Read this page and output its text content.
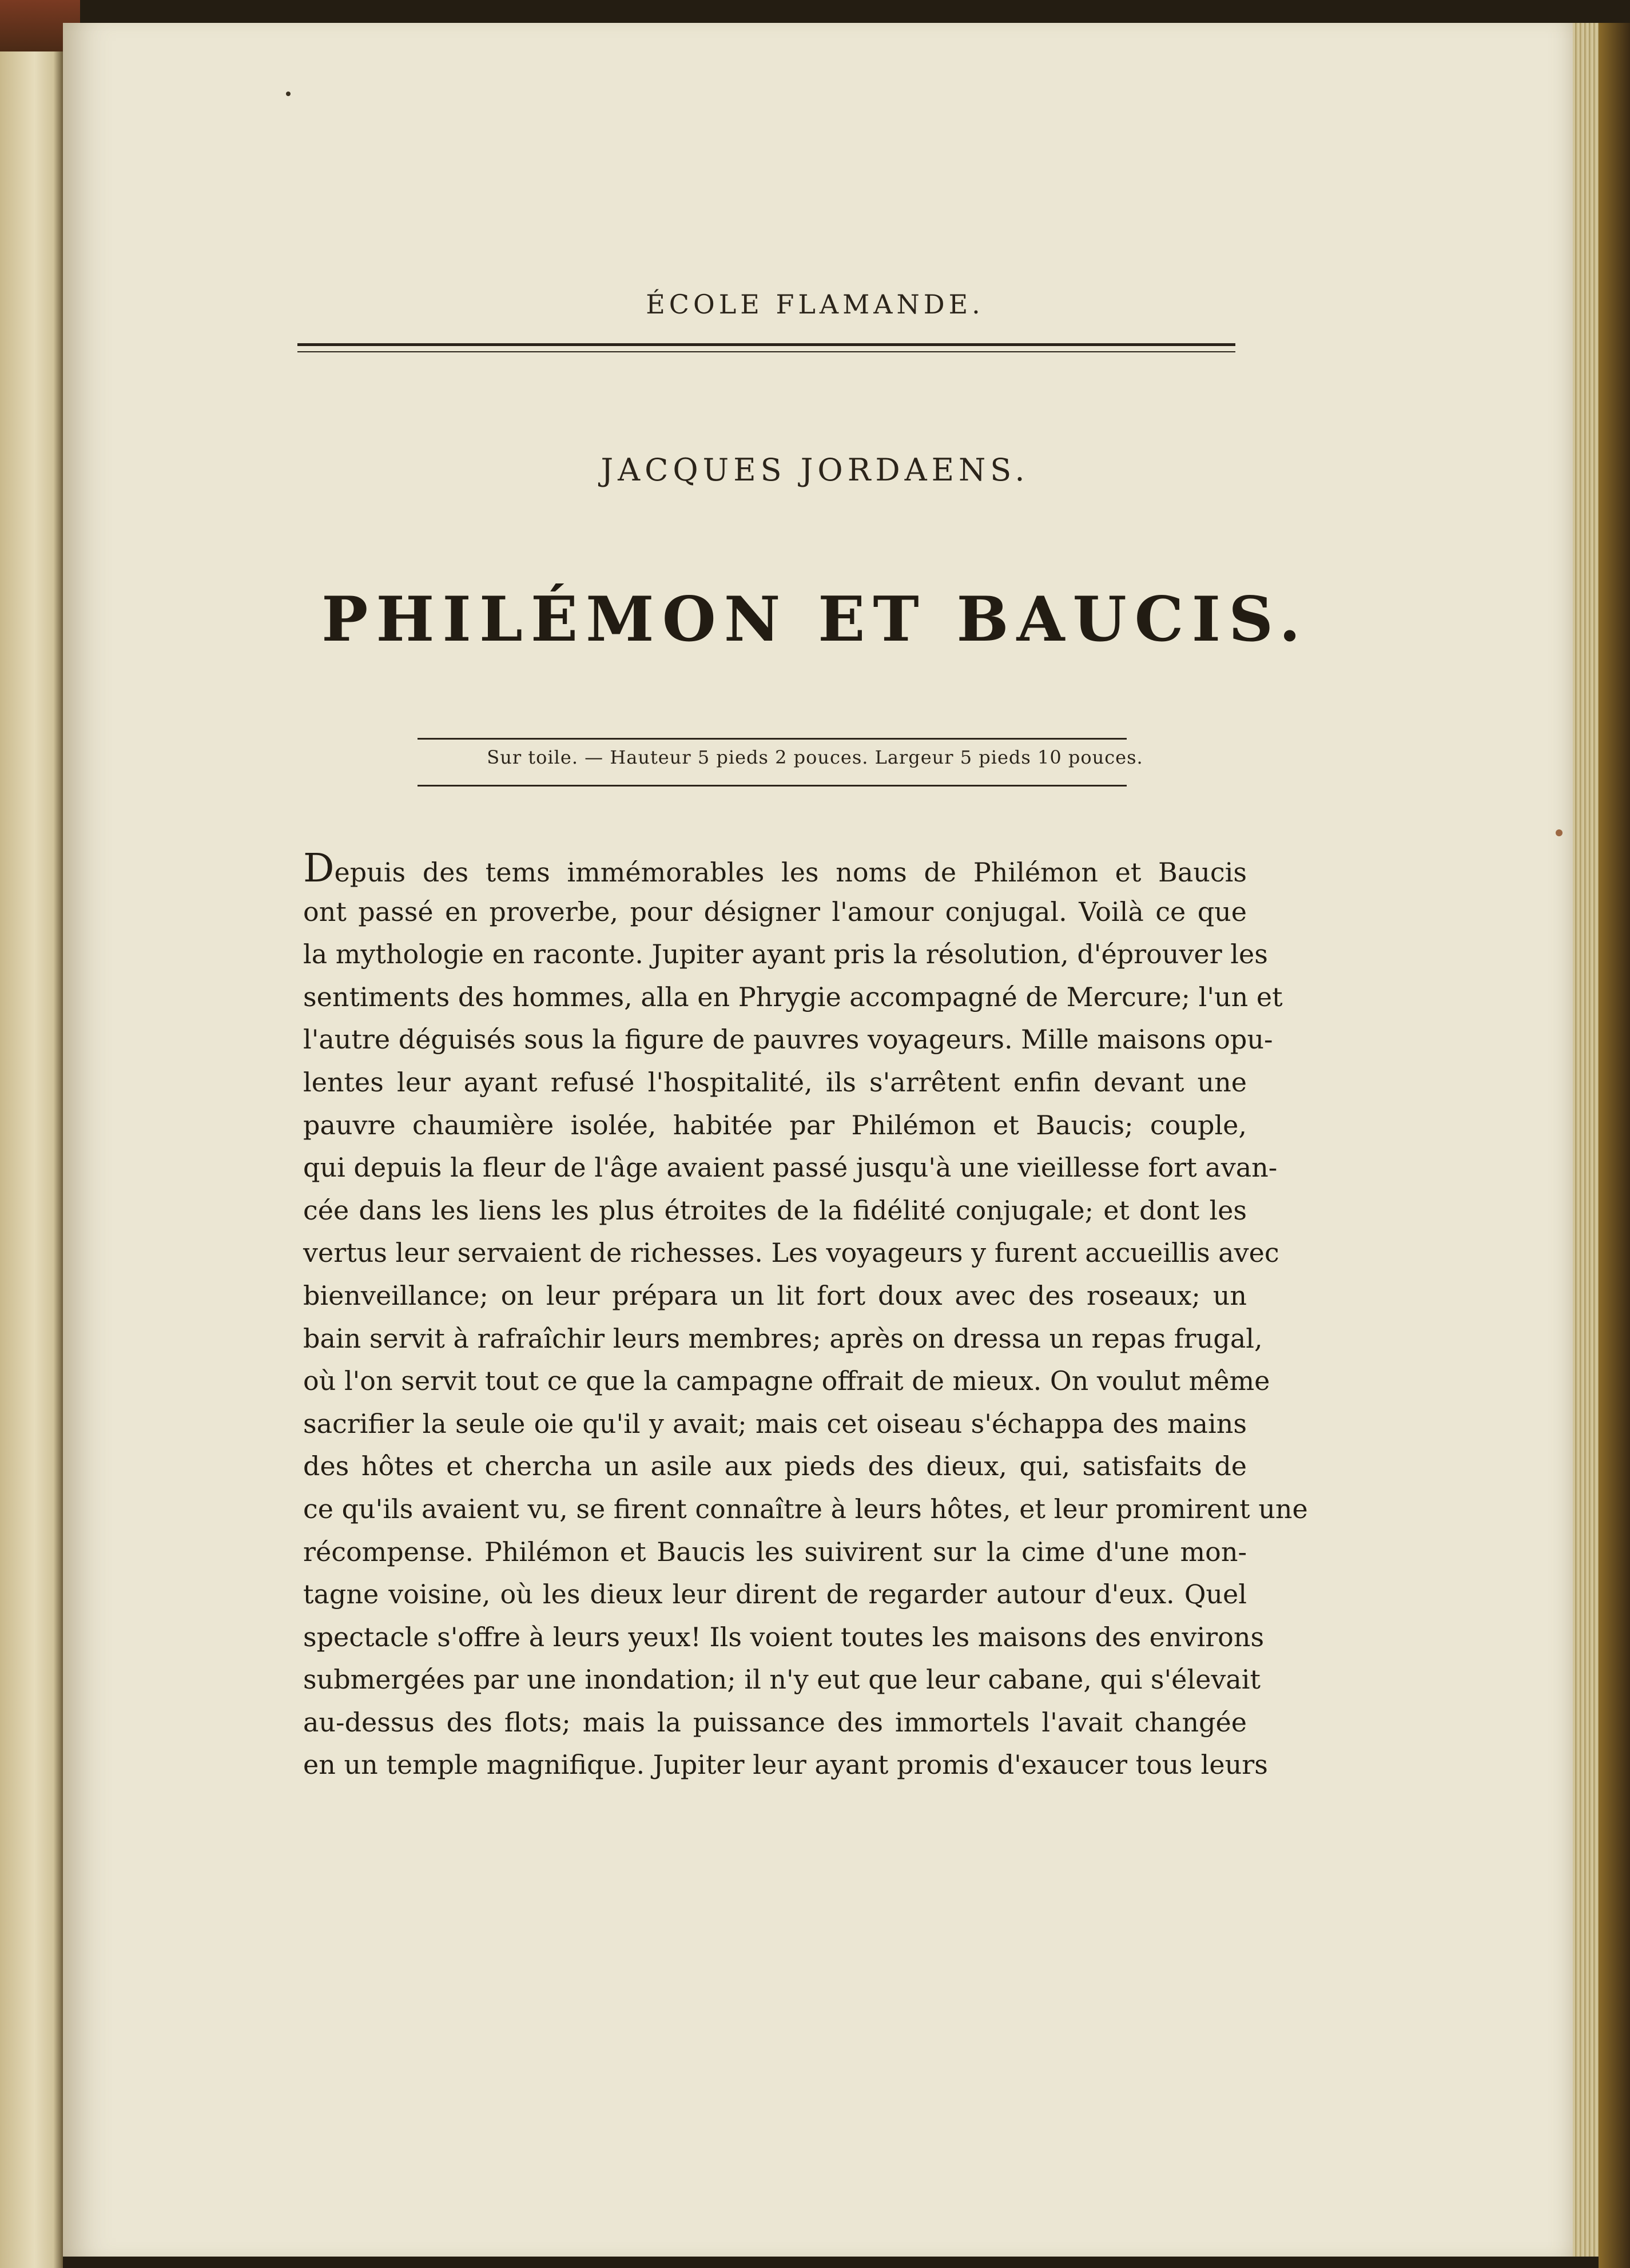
ÉCOLE FLAMANDE.
JACQUES JORDAENS.
PHILÉMON ET BAUCIS.
Sur toile. — Hauteur 5 pieds 2 pouces. Largeur 5 pieds 10 pouces.
Depuis des tems immémorables les noms de Philémon et Baucis
ont passé en proverbe, pour désigner l'amour conjugal. Voilà ce que
la mythologie en raconte. Jupiter ayant pris la résolution, d'éprouver les
sentiments des hommes, alla en Phrygie accompagné de Mercure; l'un et
l'autre déguisés sous la figure de pauvres voyageurs. Mille maisons opu-
lentes leur ayant refusé l'hospitalité, ils s'arrêtent enfin devant une
pauvre chaumière isolée, habitée par Philémon et Baucis; couple,
qui depuis la fleur de l'âge avaient passé jusqu'à une vieillesse fort avan-
cée dans les liens les plus étroites de la fidélité conjugale; et dont les
vertus leur servaient de richesses. Les voyageurs y furent accueillis avec
bienveillance; on leur prépara un lit fort doux avec des roseaux; un
bain servit à rafraîchir leurs membres; après on dressa un repas frugal,
où l'on servit tout ce que la campagne offrait de mieux. On voulut même
sacrifier la seule oie qu'il y avait; mais cet oiseau s'échappa des mains
des hôtes et chercha un asile aux pieds des dieux, qui, satisfaits de
ce qu'ils avaient vu, se firent connaître à leurs hôtes, et leur promirent une
récompense. Philémon et Baucis les suivirent sur la cime d'une mon-
tagne voisine, où les dieux leur dirent de regarder autour d'eux. Quel
spectacle s'offre à leurs yeux! Ils voient toutes les maisons des environs
submergées par une inondation; il n'y eut que leur cabane, qui s'élevait
au-dessus des flots; mais la puissance des immortels l'avait changée
en un temple magnifique. Jupiter leur ayant promis d'exaucer tous leurs
